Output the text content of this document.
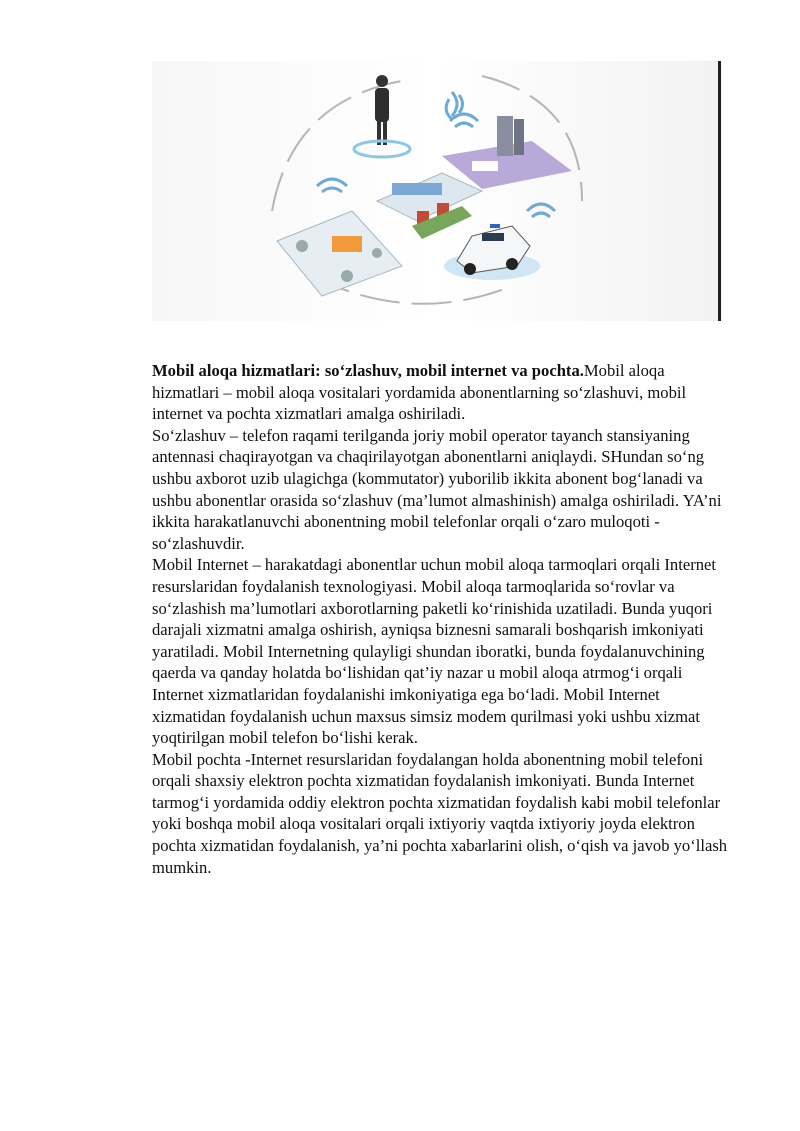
Mobil aloqa hizmatlari: so‘zlashuv, mobil internet va pochta.Mobil aloqa hizmatlari – mobil aloqa vositalari yordamida abonentlarning so‘zlashuvi, mobil internet va pochta xizmatlari amalga oshiriladi.

So‘zlashuv – telefon raqami terilganda joriy mobil operator tayanch stansiyaning antennasi chaqirayotgan va chaqirilayotgan abonentlarni aniqlaydi. SHundan so‘ng ushbu axborot uzib ulagichga (kommutator) yuborilib ikkita abonent bog‘lanadi va ushbu abonentlar orasida so‘zlashuv (ma’lumot almashinish) amalga oshiriladi. YA’ni ikkita harakatlanuvchi abonentning mobil telefonlar orqali o‘zaro muloqoti - so‘zlashuvdir.

Mobil Internet – harakatdagi abonentlar uchun mobil aloqa tarmoqlari orqali Internet resurslaridan foydalanish texnologiyasi. Mobil aloqa tarmoqlarida so‘rovlar va so‘zlashish ma’lumotlari axborotlarning paketli ko‘rinishida uzatiladi. Bunda yuqori darajali xizmatni amalga oshirish, ayniqsa biznesni samarali boshqarish imkoniyati yaratiladi. Mobil Internetning qulayligi shundan iboratki, bunda foydalanuvchining qaerda va qanday holatda bo‘lishidan qat’iy nazar u mobil aloqa atrmog‘i orqali Internet xizmatlaridan foydalanishi imkoniyatiga ega bo‘ladi. Mobil Internet xizmatidan foydalanish uchun maxsus simsiz modem qurilmasi yoki ushbu xizmat yoqtirilgan mobil telefon bo‘lishi kerak.

Mobil pochta -Internet resurslaridan foydalangan holda abonentning mobil telefoni orqali shaxsiy elektron pochta xizmatidan foydalanish imkoniyati. Bunda Internet tarmog‘i yordamida oddiy elektron pochta xizmatidan foydalish kabi mobil telefonlar yoki boshqa mobil aloqa vositalari orqali ixtiyoriy vaqtda ixtiyoriy joyda elektron pochta xizmatidan foydalanish, ya’ni pochta xabarlarini olish, o‘qish va javob yo‘llash mumkin.
